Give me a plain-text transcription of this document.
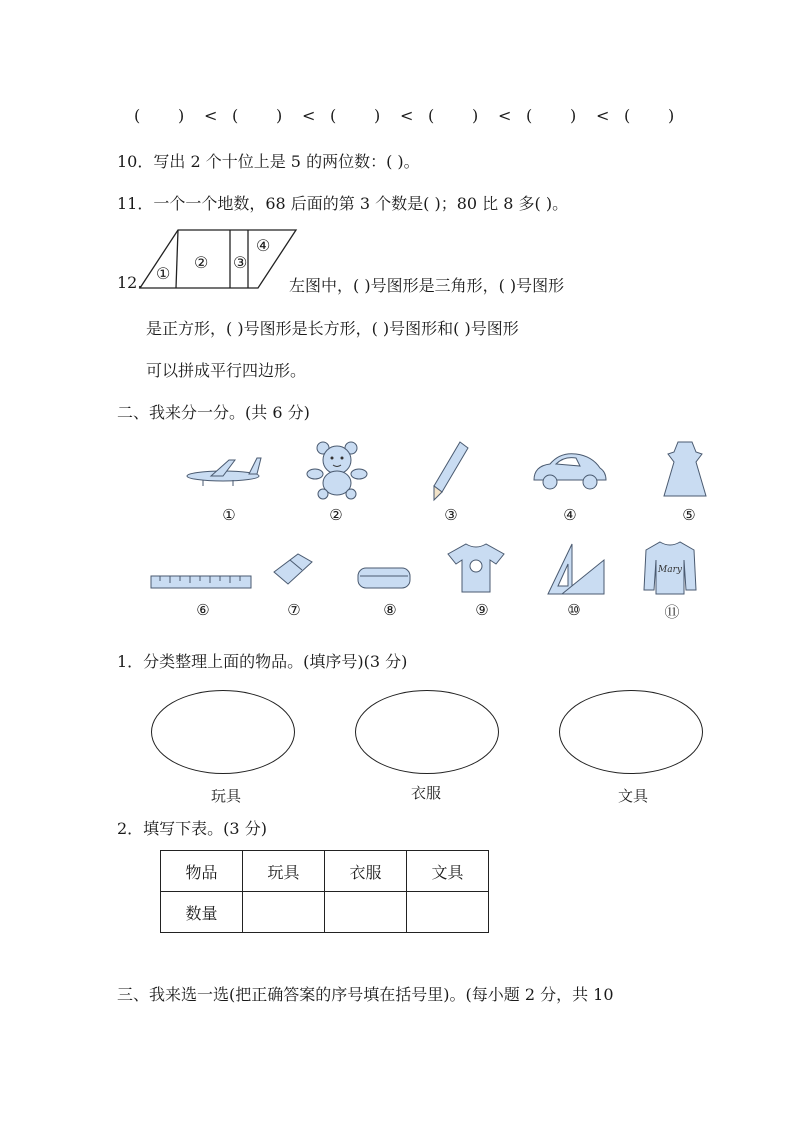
( ) < ( ) < ( ) < ( ) < ( ) < ( )
10．写出 2 个十位上是 5 的两位数：( )。
11．一个一个地数，68 后面的第 3 个数是( )；80 比 8 多( )。
12. ①
② ③
④
左图中，( )号图形是三角形，( )号图形
是正方形，( )号图形是长方形，( )号图形和( )号图形
可以拼成平行四边形。
二、我来分一分。(共 6 分)
①	②	③	④	⑤
Mary
⑥	⑦	⑧	⑨	⑩	⑪
1．分类整理上面的物品。(填序号)(3 分)
玩具	衣服	文具
2．填写下表。(3 分)
物品	玩具	衣服	文具
数量			
三、我来选一选(把正确答案的序号填在括号里)。(每小题 2 分，共 10
